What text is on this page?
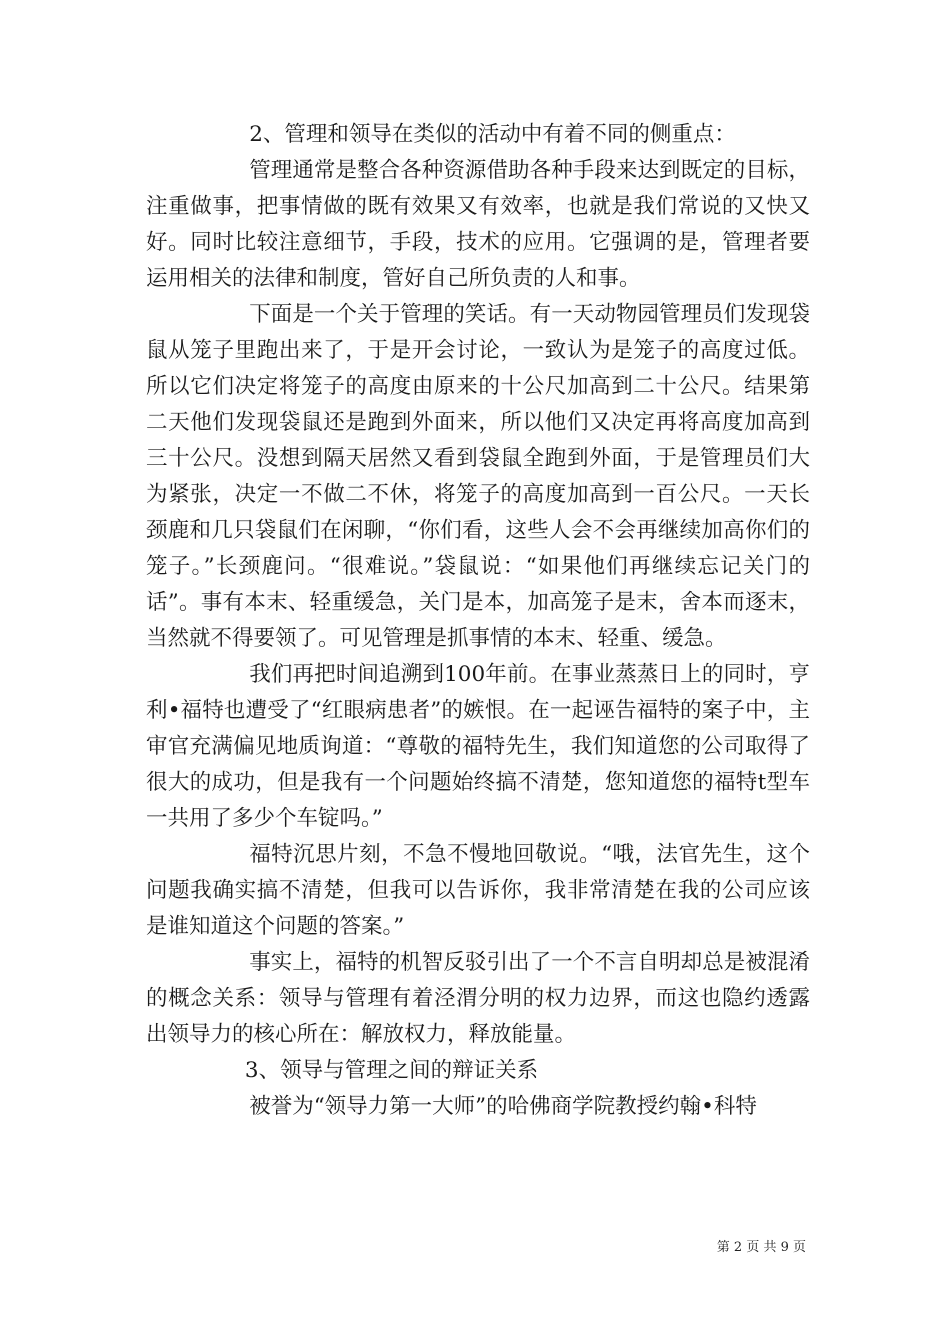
2、管理和领导在类似的活动中有着不同的侧重点：

管理通常是整合各种资源借助各种手段来达到既定的目标，注重做事，把事情做的既有效果又有效率，也就是我们常说的又快又好。同时比较注意细节，手段，技术的应用。它强调的是，管理者要运用相关的法律和制度，管好自己所负责的人和事。

下面是一个关于管理的笑话。有一天动物园管理员们发现袋鼠从笼子里跑出来了，于是开会讨论，一致认为是笼子的高度过低。所以它们决定将笼子的高度由原来的十公尺加高到二十公尺。结果第二天他们发现袋鼠还是跑到外面来，所以他们又决定再将高度加高到三十公尺。没想到隔天居然又看到袋鼠全跑到外面，于是管理员们大为紧张，决定一不做二不休，将笼子的高度加高到一百公尺。一天长颈鹿和几只袋鼠们在闲聊，“你们看，这些人会不会再继续加高你们的笼子。”长颈鹿问。“很难说。”袋鼠说：“如果他们再继续忘记关门的话”。事有本末、轻重缓急，关门是本，加高笼子是末，舍本而逐末，当然就不得要领了。可见管理是抓事情的本末、轻重、缓急。

我们再把时间追溯到100年前。在事业蒸蒸日上的同时，亨利•福特也遭受了“红眼病患者”的嫉恨。在一起诬告福特的案子中，主审官充满偏见地质询道：“尊敬的福特先生，我们知道您的公司取得了很大的成功，但是我有一个问题始终搞不清楚，您知道您的福特t型车一共用了多少个车锭吗。”

福特沉思片刻，不急不慢地回敬说。“哦，法官先生，这个问题我确实搞不清楚，但我可以告诉你，我非常清楚在我的公司应该是谁知道这个问题的答案。”

事实上，福特的机智反驳引出了一个不言自明却总是被混淆的概念关系：领导与管理有着泾渭分明的权力边界，而这也隐约透露出领导力的核心所在：解放权力，释放能量。

3、领导与管理之间的辩证关系

被誉为“领导力第一大师”的哈佛商学院教授约翰•科特

第 2 页 共 9 页
